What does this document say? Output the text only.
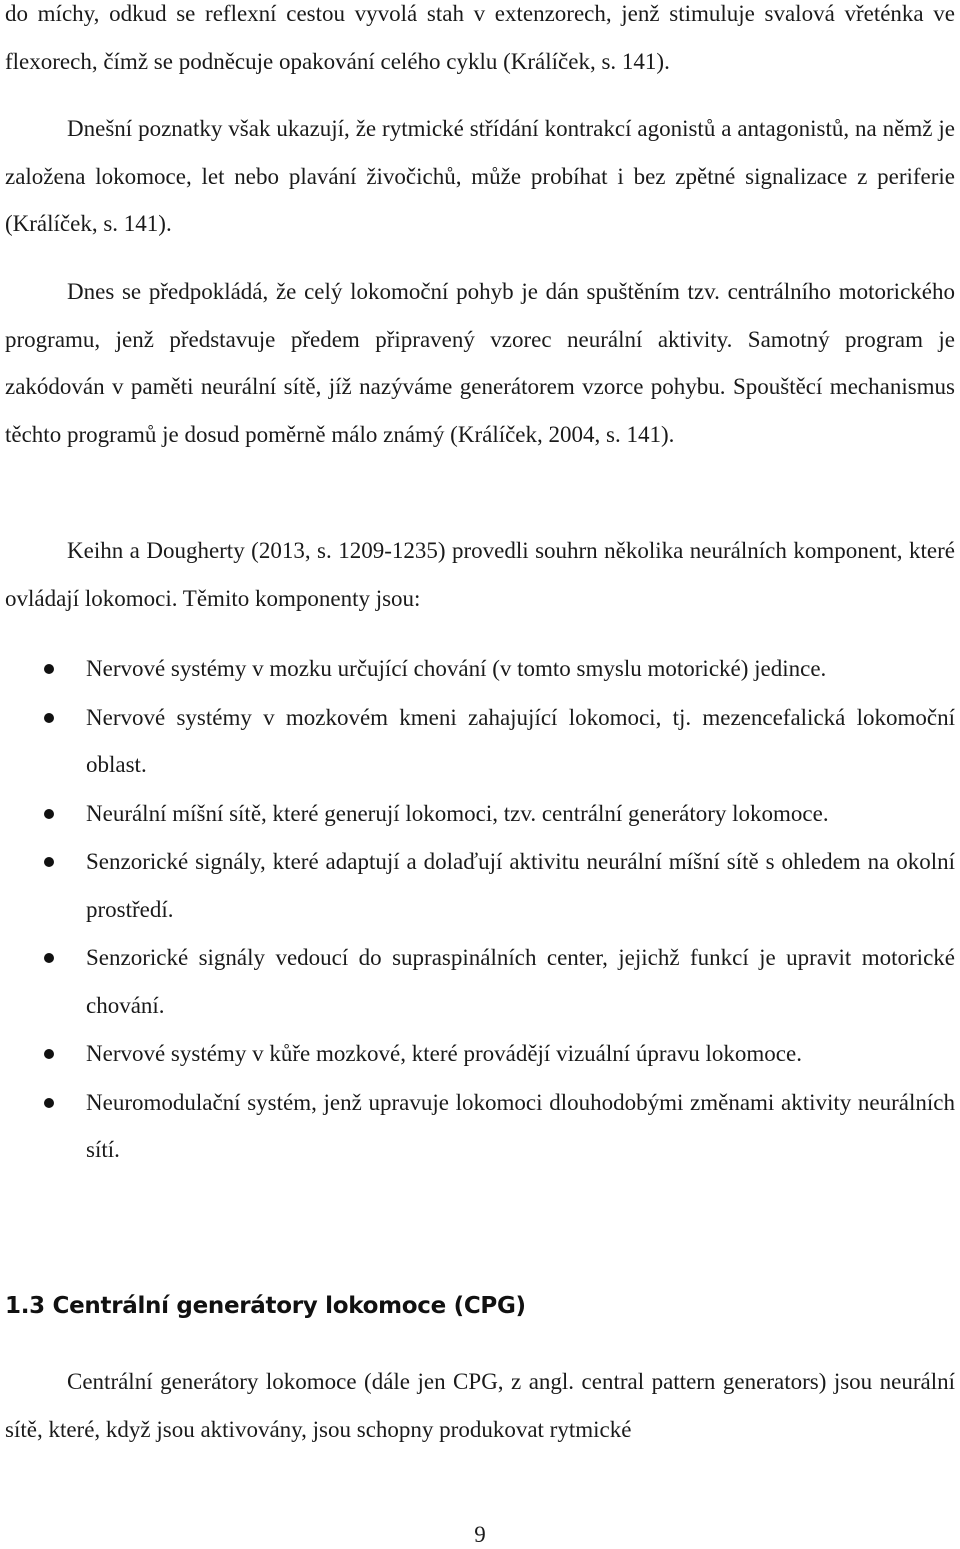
do míchy, odkud se reflexní cestou vyvolá stah v extenzorech, jenž stimuluje svalová vřeténka ve flexorech, čímž se podněcuje opakování celého cyklu (Králíček, s. 141).

Dnešní poznatky však ukazují, že rytmické střídání kontrakcí agonistů a antagonistů, na němž je založena lokomoce, let nebo plavání živočichů, může probíhat i bez zpětné signalizace z periferie (Králíček, s. 141).

Dnes se předpokládá, že celý lokomoční pohyb je dán spuštěním tzv. centrálního motorického programu, jenž představuje předem připravený vzorec neurální aktivity. Samotný program je zakódován v paměti neurální sítě, jíž nazýváme generátorem vzorce pohybu. Spouštěcí mechanismus těchto programů je dosud poměrně málo známý (Králíček, 2004, s. 141).

Keihn a Dougherty (2013, s. 1209-1235) provedli souhrn několika neurálních komponent, které ovládají lokomoci. Těmito komponenty jsou:

Nervové systémy v mozku určující chování (v tomto smyslu motorické) jedince.
Nervové systémy v mozkovém kmeni zahajující lokomoci, tj. mezencefalická lokomoční oblast.
Neurální míšní sítě, které generují lokomoci, tzv. centrální generátory lokomoce.
Senzorické signály, které adaptují a dolaďují aktivitu neurální míšní sítě s ohledem na okolní prostředí.
Senzorické signály vedoucí do supraspinálních center, jejichž funkcí je upravit motorické chování.
Nervové systémy v kůře mozkové, které provádějí vizuální úpravu lokomoce.
Neuromodulační systém, jenž upravuje lokomoci dlouhodobými změnami aktivity neurálních sítí.
1.3 Centrální generátory lokomoce (CPG)

Centrální generátory lokomoce (dále jen CPG, z angl. central pattern generators) jsou neurální sítě, které, když jsou aktivovány, jsou schopny produkovat rytmické

9
